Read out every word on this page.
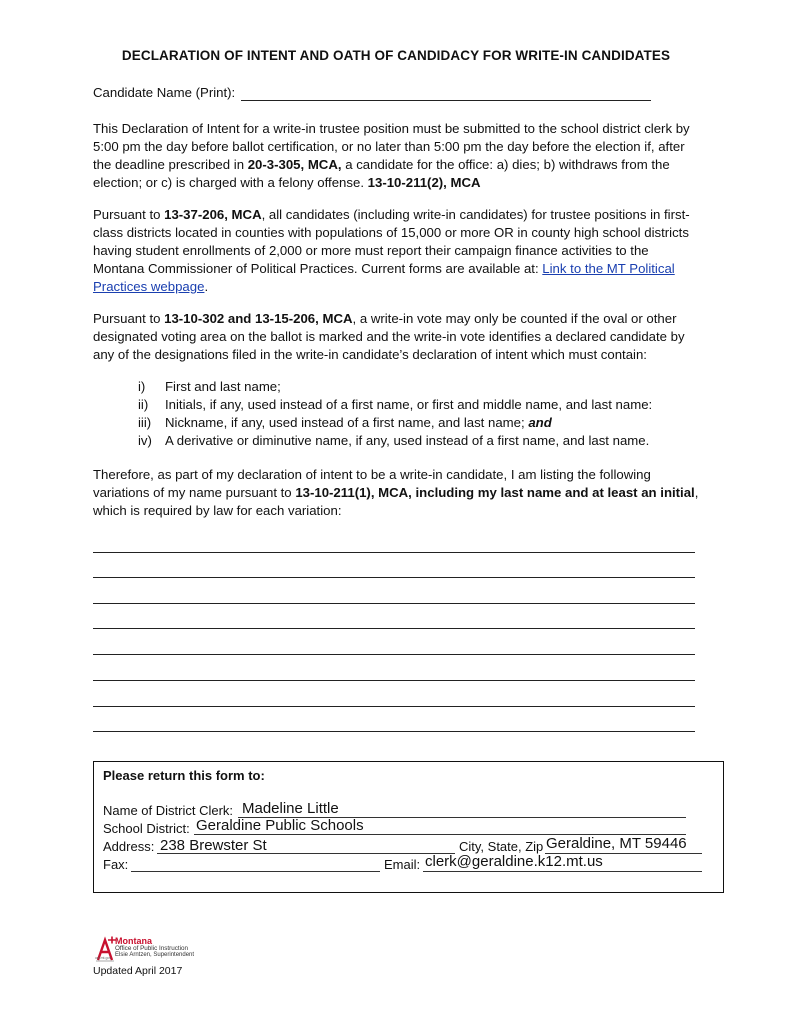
DECLARATION OF INTENT AND OATH OF CANDIDACY FOR WRITE-IN CANDIDATES
Candidate Name (Print):
This Declaration of Intent for a write-in trustee position must be submitted to the school district clerk by 5:00 pm the day before ballot certification, or no later than 5:00 pm the day before the election if, after the deadline prescribed in 20-3-305, MCA, a candidate for the office: a) dies; b) withdraws from the election; or c) is charged with a felony offense. 13-10-211(2), MCA
Pursuant to 13-37-206, MCA, all candidates (including write-in candidates) for trustee positions in first-class districts located in counties with populations of 15,000 or more OR in county high school districts having student enrollments of 2,000 or more must report their campaign finance activities to the Montana Commissioner of Political Practices. Current forms are available at: Link to the MT Political Practices webpage.
Pursuant to 13-10-302 and 13-15-206, MCA, a write-in vote may only be counted if the oval or other designated voting area on the ballot is marked and the write-in vote identifies a declared candidate by any of the designations filed in the write-in candidate’s declaration of intent which must contain:
i)	First and last name;
ii)	Initials, if any, used instead of a first name, or first and middle name, and last name:
iii)	Nickname, if any, used instead of a first name, and last name; and
iv) A derivative or diminutive name, if any, used instead of a first name, and last name.
Therefore, as part of my declaration of intent to be a write-in candidate, I am listing the following variations of my name pursuant to 13-10-211(1), MCA, including my last name and at least an initial, which is required by law for each variation:
Please return this form to:
Name of District Clerk: Madeline Little
School District: Geraldine Public Schools
Address: 238 Brewster St	City, State, Zip Geraldine, MT 59446
Fax:	Email: clerk@geraldine.k12.mt.us
Montana
Office of Public Instruction
Elsie Arntzen, Superintendent
opi.mt.gov
Updated April 2017
